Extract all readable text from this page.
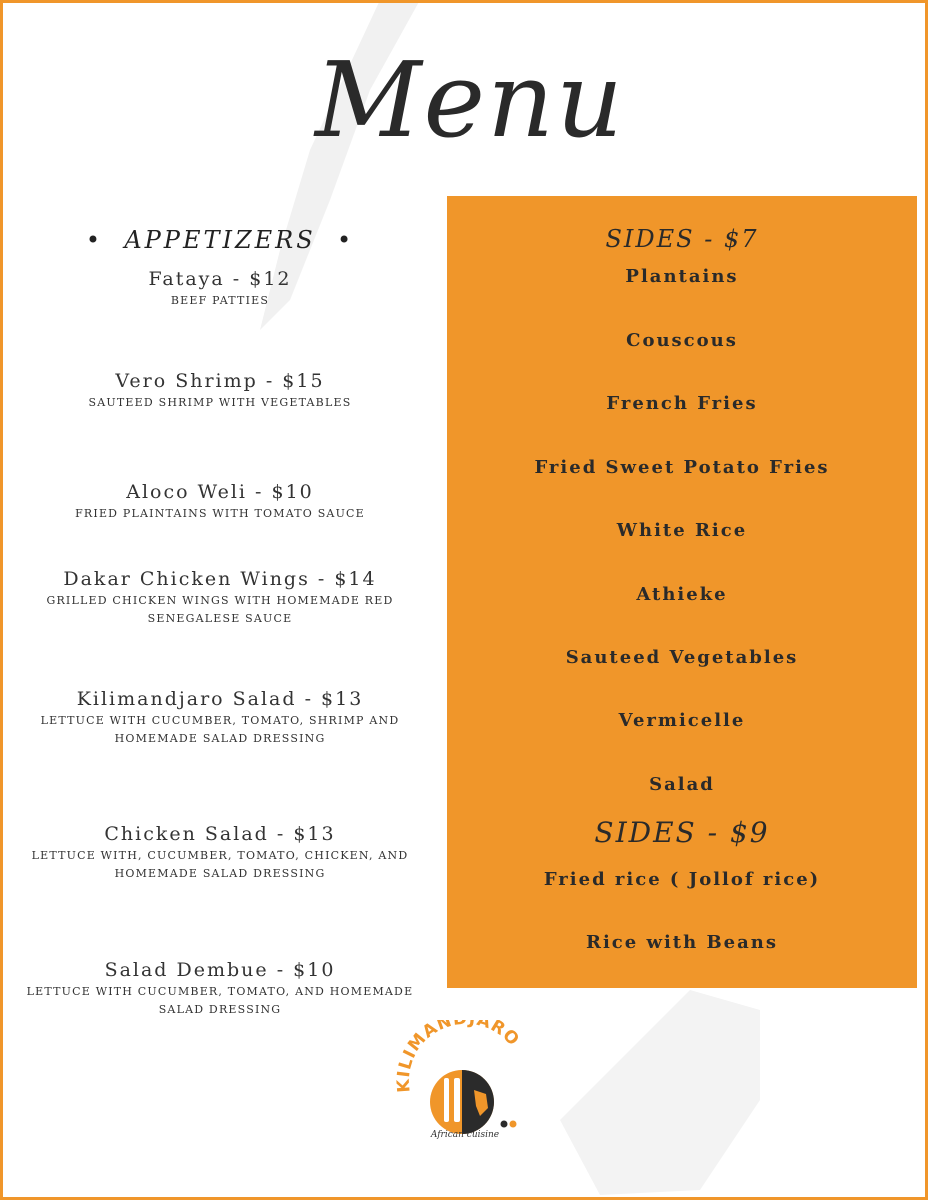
Menu
• APPETIZERS •
Fataya - $12
BEEF PATTIES
Vero Shrimp - $15
SAUTEED SHRIMP WITH VEGETABLES
Aloco Weli - $10
FRIED PLAINTAINS WITH TOMATO SAUCE
Dakar Chicken Wings - $14
GRILLED CHICKEN WINGS WITH HOMEMADE RED SENEGALESE SAUCE
Kilimandjaro Salad - $13
LETTUCE WITH CUCUMBER, TOMATO, SHRIMP AND HOMEMADE SALAD DRESSING
Chicken Salad - $13
LETTUCE WITH, CUCUMBER, TOMATO, CHICKEN, AND HOMEMADE SALAD DRESSING
Salad Dembue - $10
LETTUCE WITH CUCUMBER, TOMATO, AND HOMEMADE SALAD DRESSING
SIDES - $7
Plantains
Couscous
French Fries
Fried Sweet Potato Fries
White Rice
Athieke
Sauteed Vegetables
Vermicelle
Salad
SIDES - $9
Fried rice ( Jollof rice)
Rice with Beans
KILIMAN ARO
African cuisine
